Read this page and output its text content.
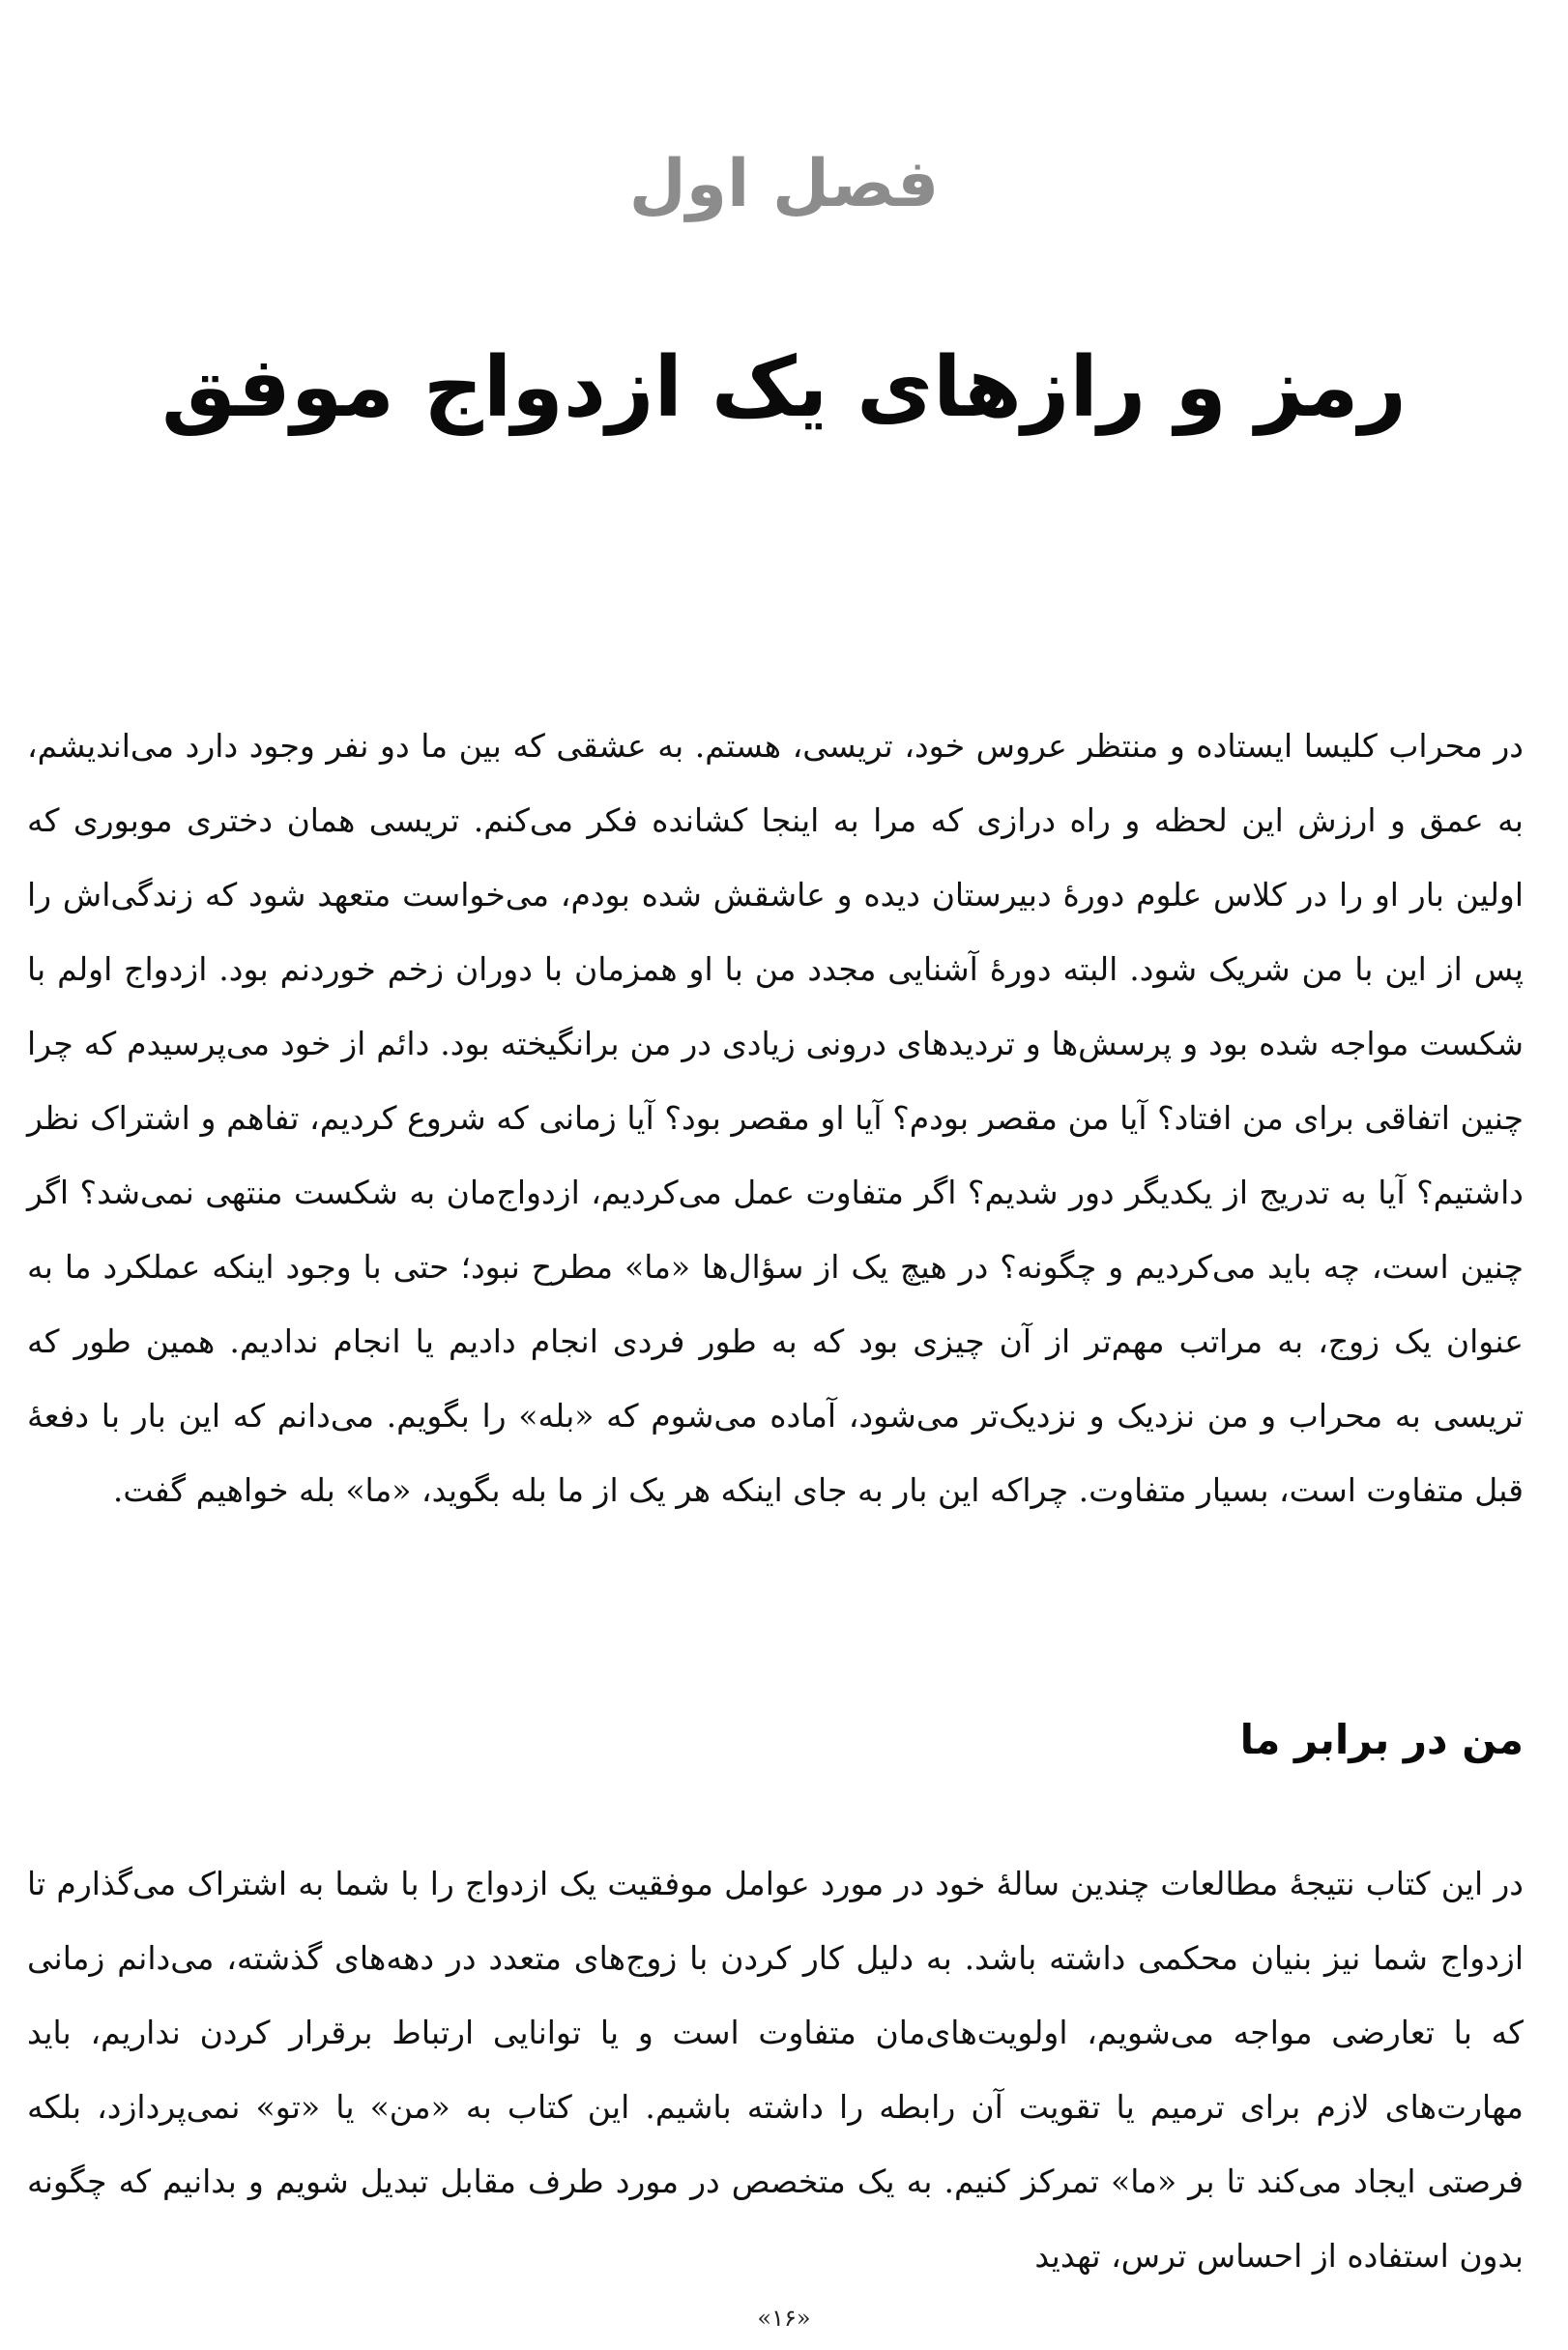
فصل اول
رمز و رازهای یک ازدواج موفق

در محراب کلیسا ایستاده و منتظر عروس خود، تریسی، هستم. به عشقی که بین ما دو نفر وجود دارد می‌اندیشم، به عمق و ارزش این لحظه و راه درازی که مرا به اینجا کشانده فکر می‌کنم. تریسی همان دختری موبوری که اولین بار او را در کلاس علوم دورهٔ دبیرستان دیده و عاشقش شده بودم، می‌خواست متعهد شود که زندگی‌اش را پس از این با من شریک شود. البته دورهٔ آشنایی مجدد من با او همزمان با دوران زخم خوردنم بود. ازدواج اولم با شکست مواجه شده بود و پرسش‌ها و تردیدهای درونی زیادی در من برانگیخته بود. دائم از خود می‌پرسیدم که چرا چنین اتفاقی برای من افتاد؟ آیا من مقصر بودم؟ آیا او مقصر بود؟ آیا زمانی که شروع کردیم، تفاهم و اشتراک نظر داشتیم؟ آیا به تدریج از یکدیگر دور شدیم؟ اگر متفاوت عمل می‌کردیم، ازدواج‌مان به شکست منتهی نمی‌شد؟ اگر چنین است، چه باید می‌کردیم و چگونه؟ در هیچ یک از سؤال‌ها «ما» مطرح نبود؛ حتی با وجود اینکه عملکرد ما به عنوان یک زوج، به مراتب مهم‌تر از آن چیزی بود که به طور فردی انجام دادیم یا انجام ندادیم. همین طور که تریسی به محراب و من نزدیک و نزدیک‌تر می‌شود، آماده می‌شوم که «بله» را بگویم. می‌دانم که این بار با دفعهٔ قبل متفاوت است، بسیار متفاوت. چراکه این بار به جای اینکه هر یک از ما بله بگوید، «ما» بله خواهیم گفت.

من در برابر ما

در این کتاب نتیجهٔ مطالعات چندین سالهٔ خود در مورد عوامل موفقیت یک ازدواج را با شما به اشتراک می‌گذارم تا ازدواج شما نیز بنیان محکمی داشته باشد. به دلیل کار کردن با زوج‌های متعدد در دهه‌های گذشته، می‌دانم زمانی که با تعارضی مواجه می‌شویم، اولویت‌های‌مان متفاوت است و یا توانایی ارتباط برقرار کردن نداریم، باید مهارت‌های لازم برای ترمیم یا تقویت آن رابطه را داشته باشیم. این کتاب به «من» یا «تو» نمی‌پردازد، بلکه فرصتی ایجاد می‌کند تا بر «ما» تمرکز کنیم. به یک متخصص در مورد طرف مقابل تبدیل شویم و بدانیم که چگونه بدون استفاده از احساس ترس، تهدید

«۱۶»
